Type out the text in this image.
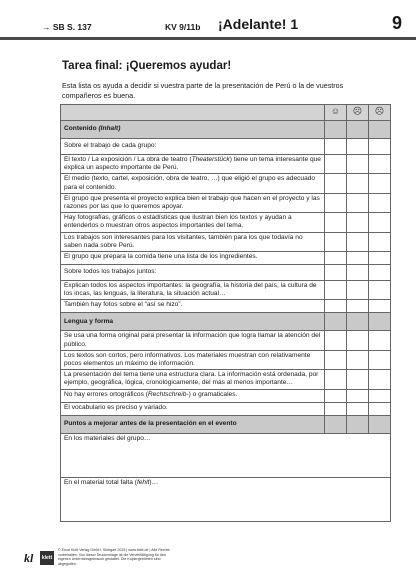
→ SB S. 137	KV 9/11b ¡Adelante! 1	9
Tarea final: ¡Queremos ayudar!
Esta lista os ayuda a decidir si vuestra parte de la presentación de Perú o la de vuestros compañeros es buena.
	☺	☹	☹
Contenido (Inhalt)			
Sobre el trabajo de cada grupo:			
El texto / La exposición / La obra de teatro (Theaterstück) tiene un tema interesante que explica un aspecto importante de Perú.			
El medio (texto, cartel, exposición, obra de teatro, …) que eligió el grupo es adecuado para el contenido.			
El grupo que presenta el proyecto explica bien el trabajo que hacen en el proyecto y las razones por las que lo queremos apoyar.			
Hay fotografías, gráficos o estadísticas que ilustran bien los textos y ayudan a entenderlos o muestran otros aspectos importantes del tema.			
Los trabajos son interesantes para los visitantes, también para los que todavía no saben nada sobre Perú.			
El grupo que prepara la comida tiene una lista de los ingredientes.			
Sobre todos los trabajos juntos:			
Explican todos los aspectos importantes: la geografía, la historia del país, la cultura de los incas, las lenguas, la literatura, la situación actual…			
También hay fotos sobre el “así se hizo”.			
Lengua y forma			
Se usa una forma original para presentar la información que logra llamar la atención del público.			
Los textos son cortos, pero informativos. Los materiales muestran con relativamente pocos elementos un máximo de información.			
La presentación del tema tiene una estructura clara. La información está ordenada, por ejemplo, geográfica, lógica, cronológicamente, del más al menos importante…			
No hay errores ortográficos (Rechtschreib-) o gramaticales.			
El vocabulario es preciso y variado.			
Puntos a mejorar antes de la presentación en el evento			
En los materiales del grupo…			
En el material total falta (fehlt)…			
kl	klett
© Ernst Klett Verlag GmbH, Stuttgart 2015 | www.klett.de | Alle Rechte vorbehalten. Von dieser Druckvorlage ist die Vervielfältigung für den eigenen Unterrichtsgebrauch gestattet. Die Kopiergebühren sind abgegolten.
